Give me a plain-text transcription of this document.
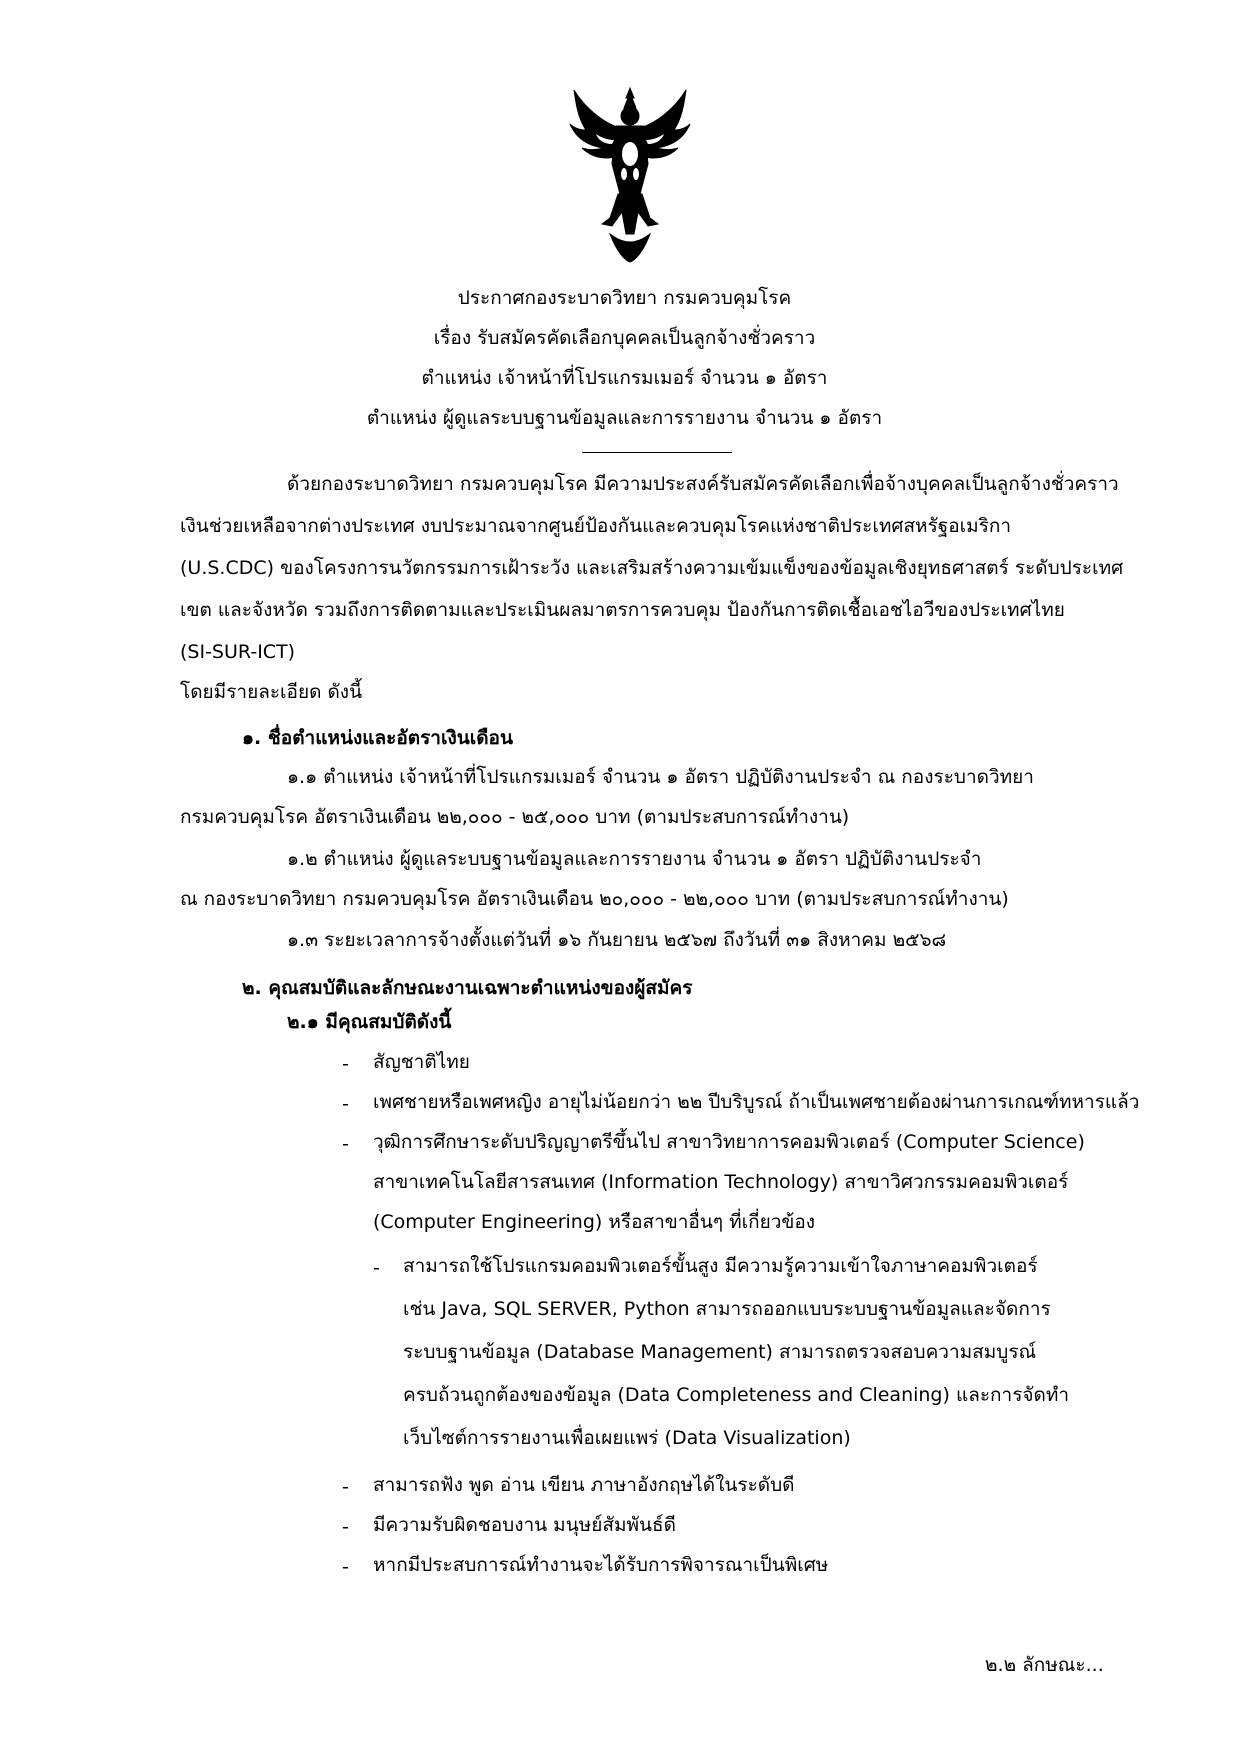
ประกาศกองระบาดวิทยา กรมควบคุมโรค
เรื่อง รับสมัครคัดเลือกบุคคลเป็นลูกจ้างชั่วคราว
ตำแหน่ง เจ้าหน้าที่โปรแกรมเมอร์ จำนวน ๑ อัตรา
ตำแหน่ง ผู้ดูแลระบบฐานข้อมูลและการรายงาน จำนวน ๑ อัตรา
ด้วยกองระบาดวิทยา กรมควบคุมโรค มีความประสงค์รับสมัครคัดเลือกเพื่อจ้างบุคคลเป็นลูกจ้างชั่วคราว
เงินช่วยเหลือจากต่างประเทศ งบประมาณจากศูนย์ป้องกันและควบคุมโรคแห่งชาติประเทศสหรัฐอเมริกา
(U.S.CDC) ของโครงการนวัตกรรมการเฝ้าระวัง และเสริมสร้างความเข้มแข็งของข้อมูลเชิงยุทธศาสตร์ ระดับประเทศ
เขต และจังหวัด รวมถึงการติดตามและประเมินผลมาตรการควบคุม ป้องกันการติดเชื้อเอชไอวีของประเทศไทย
(SI-SUR-ICT)
โดยมีรายละเอียด ดังนี้
๑. ชื่อตำแหน่งและอัตราเงินเดือน
๑.๑ ตำแหน่ง เจ้าหน้าที่โปรแกรมเมอร์ จำนวน ๑ อัตรา ปฏิบัติงานประจำ ณ กองระบาดวิทยา
กรมควบคุมโรค อัตราเงินเดือน ๒๒,๐๐๐ - ๒๕,๐๐๐ บาท (ตามประสบการณ์ทำงาน)
๑.๒ ตำแหน่ง ผู้ดูแลระบบฐานข้อมูลและการรายงาน จำนวน ๑ อัตรา ปฏิบัติงานประจำ
ณ กองระบาดวิทยา กรมควบคุมโรค อัตราเงินเดือน ๒๐,๐๐๐ - ๒๒,๐๐๐ บาท (ตามประสบการณ์ทำงาน)
๑.๓ ระยะเวลาการจ้างตั้งแต่วันที่ ๑๖ กันยายน ๒๕๖๗ ถึงวันที่ ๓๑ สิงหาคม ๒๕๖๘
๒. คุณสมบัติและลักษณะงานเฉพาะตำแหน่งของผู้สมัคร
๒.๑ มีคุณสมบัติดังนี้
- สัญชาติไทย
- เพศชายหรือเพศหญิง อายุไม่น้อยกว่า ๒๒ ปีบริบูรณ์ ถ้าเป็นเพศชายต้องผ่านการเกณฑ์ทหารแล้ว
- วุฒิการศึกษาระดับปริญญาตรีขึ้นไป สาขาวิทยาการคอมพิวเตอร์ (Computer Science)
สาขาเทคโนโลยีสารสนเทศ (Information Technology) สาขาวิศวกรรมคอมพิวเตอร์
(Computer Engineering) หรือสาขาอื่นๆ ที่เกี่ยวข้อง
- สามารถใช้โปรแกรมคอมพิวเตอร์ขั้นสูง มีความรู้ความเข้าใจภาษาคอมพิวเตอร์
เช่น Java, SQL SERVER, Python สามารถออกแบบระบบฐานข้อมูลและจัดการ
ระบบฐานข้อมูล (Database Management) สามารถตรวจสอบความสมบูรณ์
ครบถ้วนถูกต้องของข้อมูล (Data Completeness and Cleaning) และการจัดทำ
เว็บไซต์การรายงานเพื่อเผยแพร่ (Data Visualization)
- สามารถฟัง พูด อ่าน เขียน ภาษาอังกฤษได้ในระดับดี
- มีความรับผิดชอบงาน มนุษย์สัมพันธ์ดี
- หากมีประสบการณ์ทำงานจะได้รับการพิจารณาเป็นพิเศษ
๒.๒ ลักษณะ...
